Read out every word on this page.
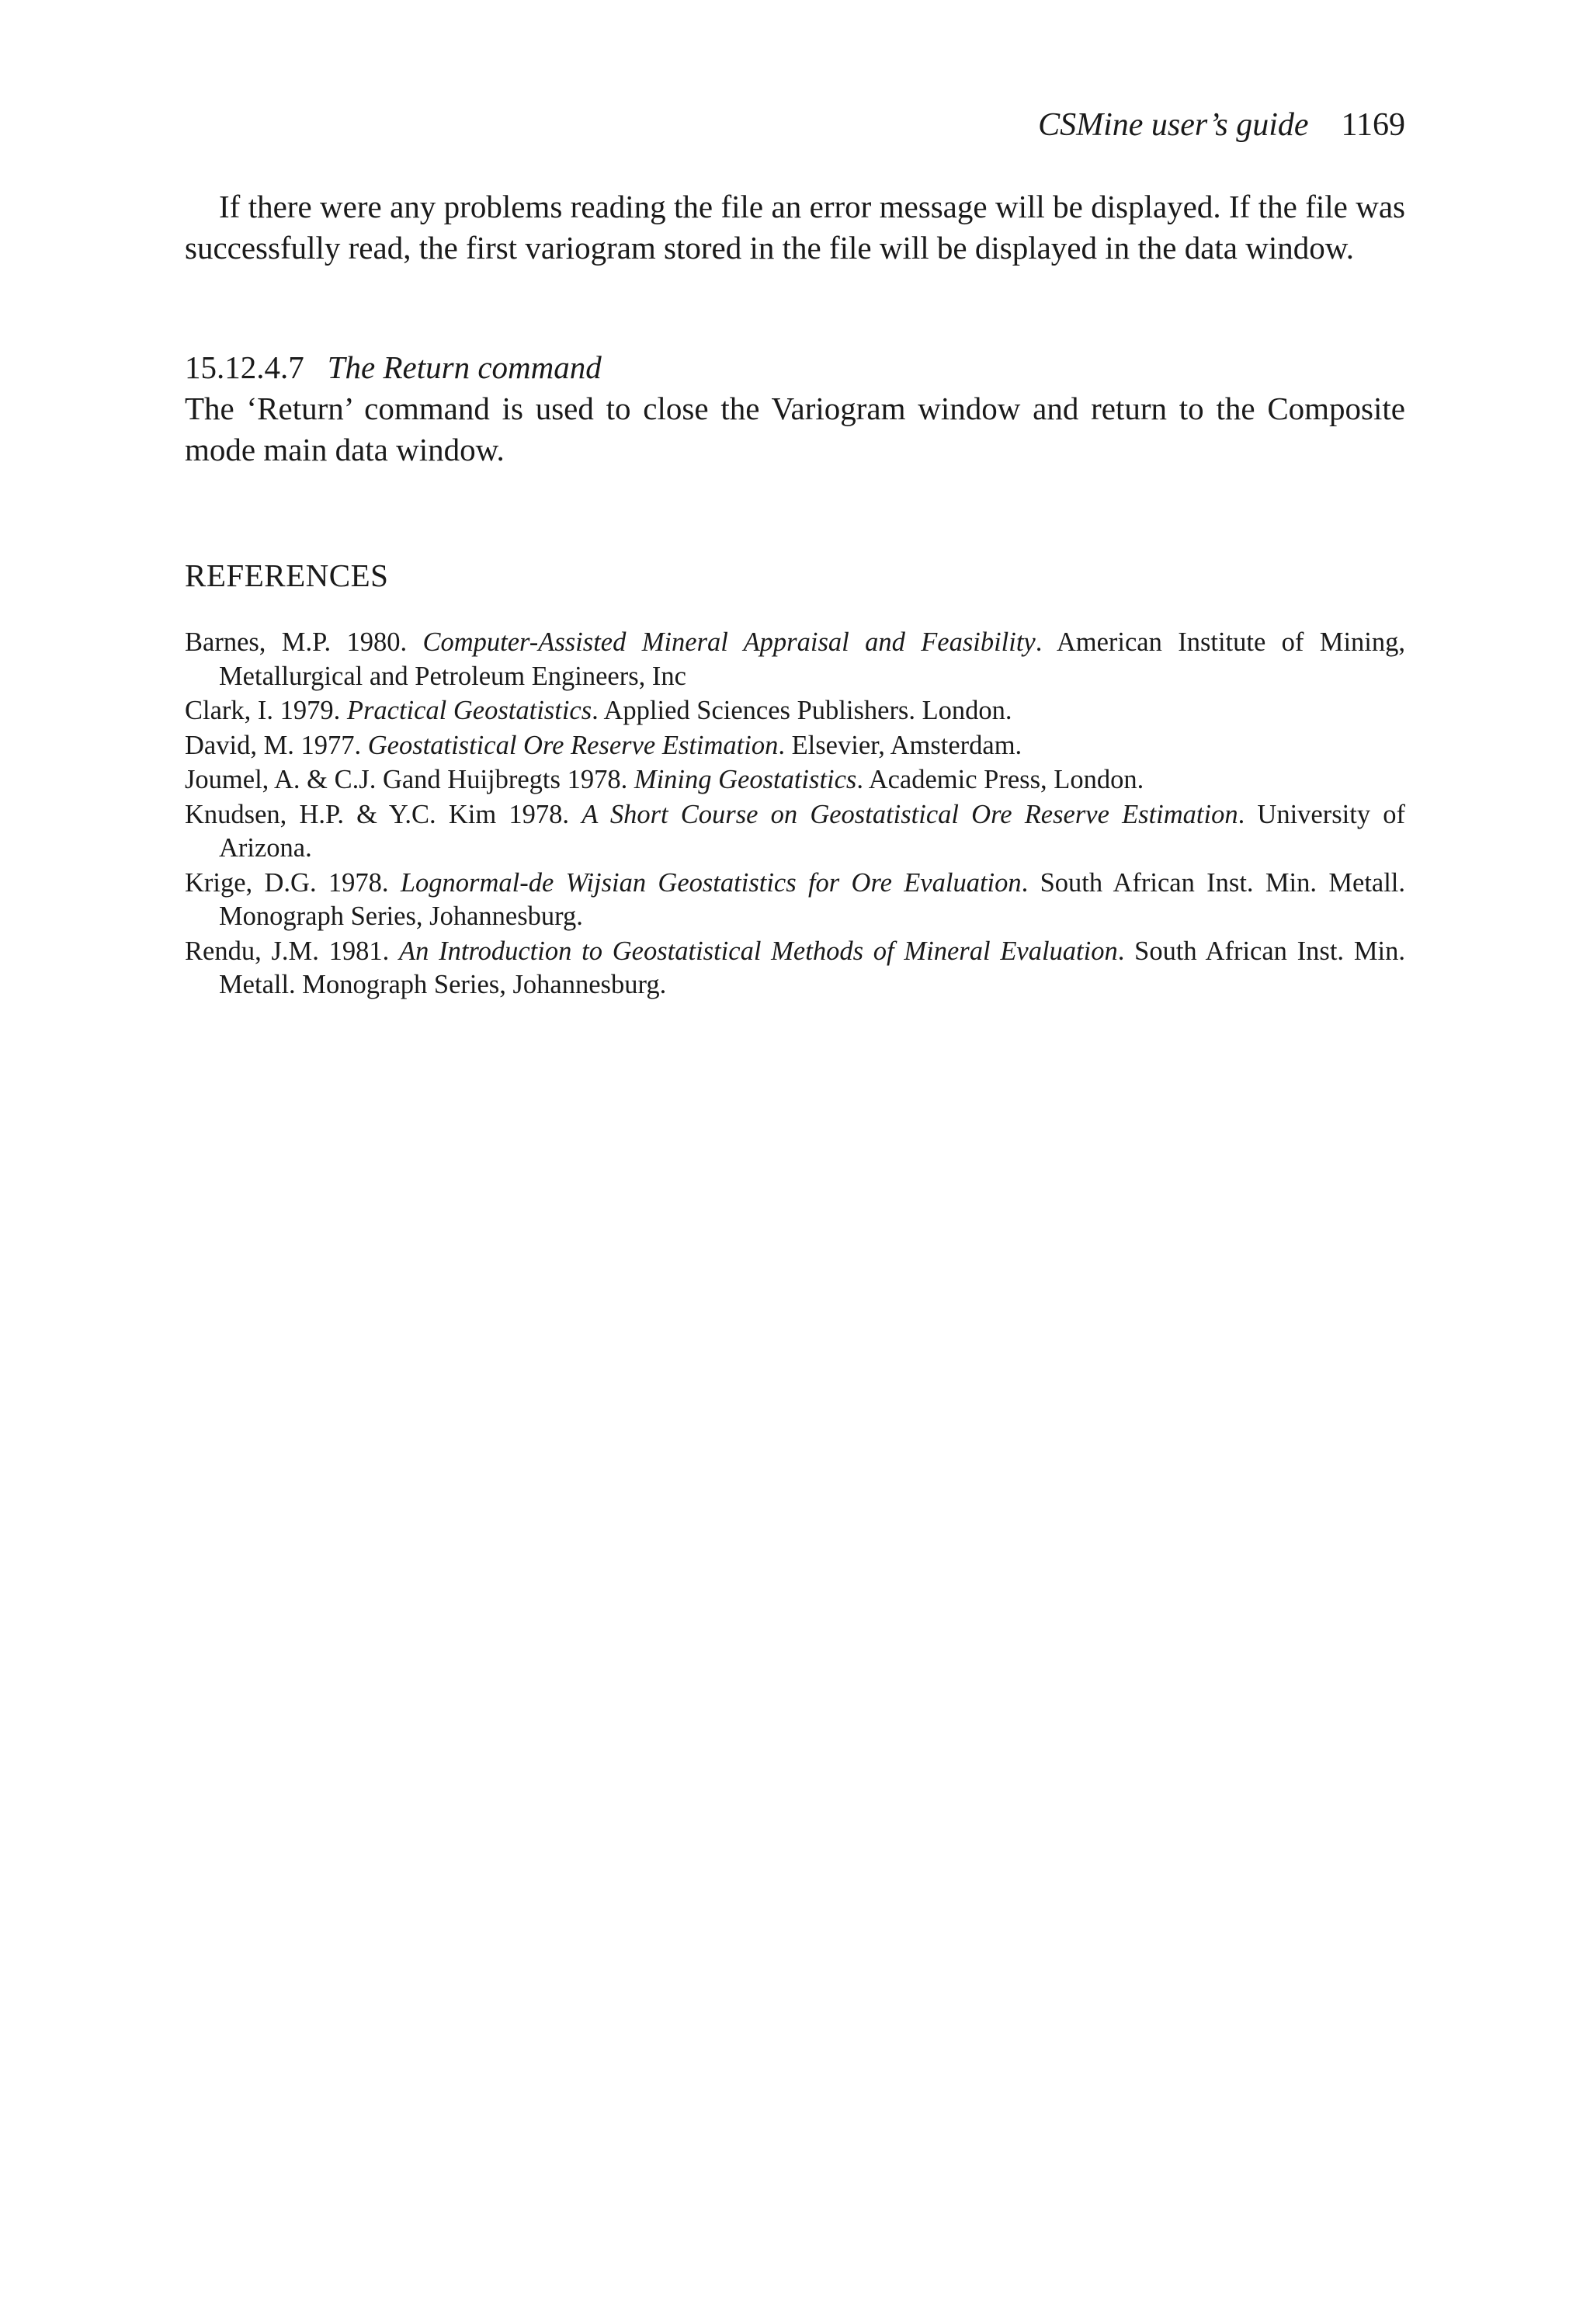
CSMine user’s guide 1169

If there were any problems reading the file an error message will be displayed. If the file was successfully read, the first variogram stored in the file will be displayed in the data window.

15.12.4.7 The Return command

The ‘Return’ command is used to close the Variogram window and return to the Composite mode main data window.

REFERENCES
Barnes, M.P. 1980. Computer-Assisted Mineral Appraisal and Feasibility. American Institute of Mining, Metallurgical and Petroleum Engineers, Inc
Clark, I. 1979. Practical Geostatistics. Applied Sciences Publishers. London.
David, M. 1977. Geostatistical Ore Reserve Estimation. Elsevier, Amsterdam.
Joumel, A. & C.J. Gand Huijbregts 1978. Mining Geostatistics. Academic Press, London.
Knudsen, H.P. & Y.C. Kim 1978. A Short Course on Geostatistical Ore Reserve Estimation. University of Arizona.
Krige, D.G. 1978. Lognormal-de Wijsian Geostatistics for Ore Evaluation. South African Inst. Min. Metall. Monograph Series, Johannesburg.
Rendu, J.M. 1981. An Introduction to Geostatistical Methods of Mineral Evaluation. South African Inst. Min. Metall. Monograph Series, Johannesburg.
